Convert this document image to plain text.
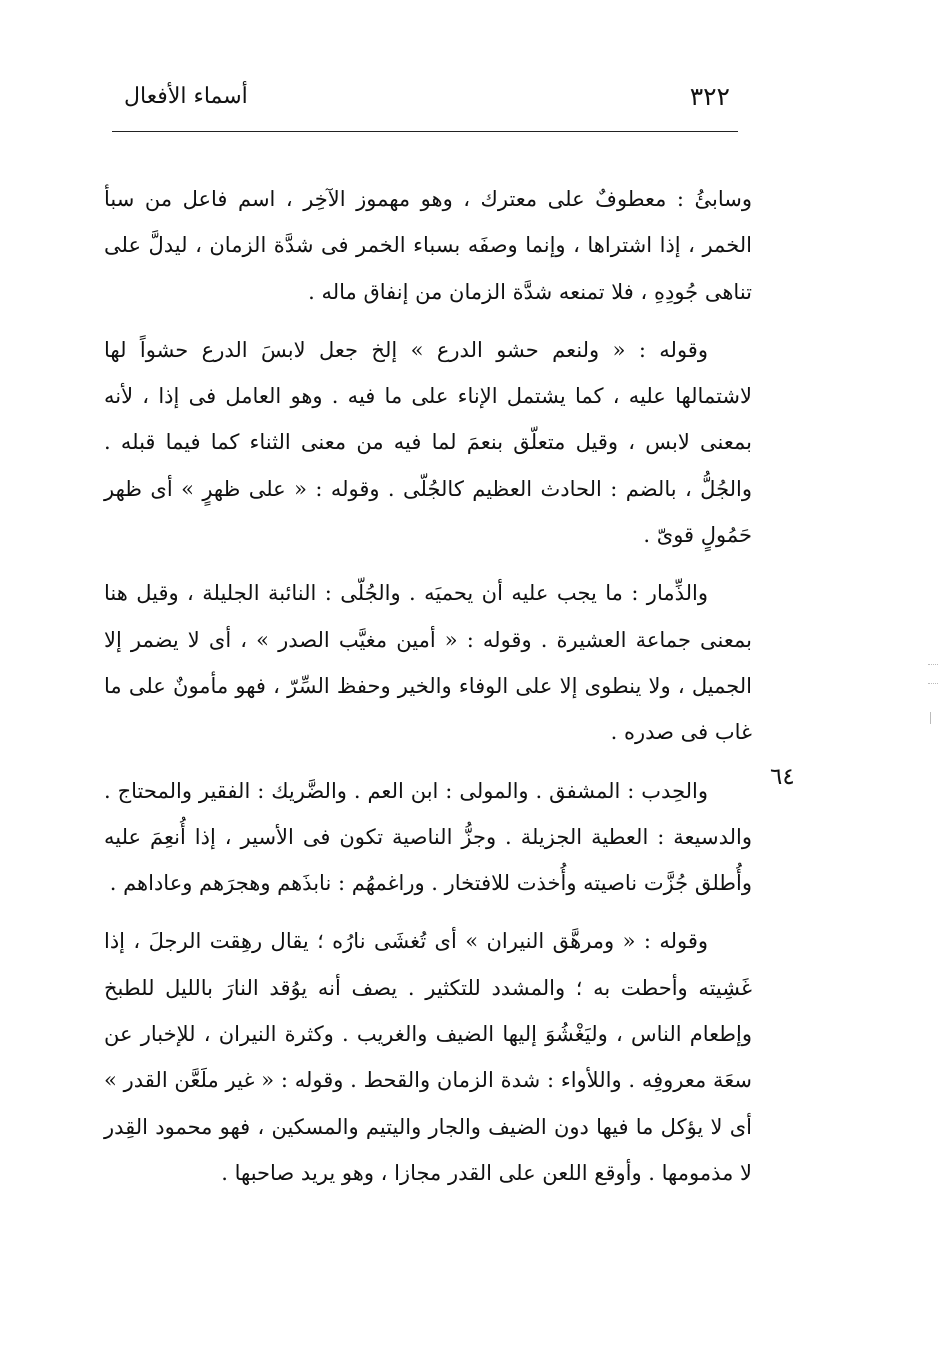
٣٢٢
أسماء الأفعال

وسابئُ : معطوفٌ على معترك ، وهو مهموز الآخِر ، اسم فاعل من سبأ الخمر ، إذا اشتراها ، وإنما وصفَه بسباء الخمر فى شدَّة الزمان ، ليدلَّ على تناهى جُودِهِ ، فلا تمنعه شدَّة الزمان من إنفاق ماله .

وقوله : « ولنعم حشو الدرع » إلخ جعل لابسَ الدرع حشواً لها لاشتمالها عليه ، كما يشتمل الإناء على ما فيه . وهو العامل فى إذا ، لأنه بمعنى لابس ، وقيل متعلّق بنعمَ لما فيه من معنى الثناء كما فيما قبله . والجُلُّ ، بالضم : الحادث العظيم كالجُلّى . وقوله : « على ظهرٍ » أى ظهر حَمُولٍ قوىّ .

والذِّمار : ما يجب عليه أن يحميَه . والجُلّى : النائبة الجليلة ، وقيل هنا بمعنى جماعة العشيرة . وقوله : « أمين مغيَّب الصدر » ، أى لا يضمر إلا الجميل ، ولا ينطوى إلا على الوفاء والخير وحفظ السِّرّ ، فهو مأمونٌ على ما غاب فى صدره .

والحِدب : المشفق . والمولى : ابن العم . والضَّريك : الفقير والمحتاج . والدسيعة : العطية الجزيلة . وجزُّ الناصية تكون فى الأسير ، إذا أُنعِمَ عليه وأُطلق جُزَّت ناصيته وأُخذت للافتخار . وراغمهُم : نابذَهم وهجرَهم وعاداهم .

وقوله : « ومرهَّق النيران » أى تُغشَى نارُه ؛ يقال رهِقت الرجلَ ، إذا غَشِيته وأحطت به ؛ والمشدد للتكثير . يصف أنه يوُقد النارَ بالليل للطبخ وإطعام الناس ، وليَغْشُوَ إليها الضيف والغريب . وكثرة النيران ، للإخبار عن سعَة معروفِه . واللأواء : شدة الزمان والقحط . وقوله : « غير ملَعَّن القدر » أى لا يؤكل ما فيها دون الضيف والجار واليتيم والمسكين ، فهو محمود القِدر لا مذمومها . وأوقع اللعن على القدر مجازا ، وهو يريد صاحبها .

٦٤
